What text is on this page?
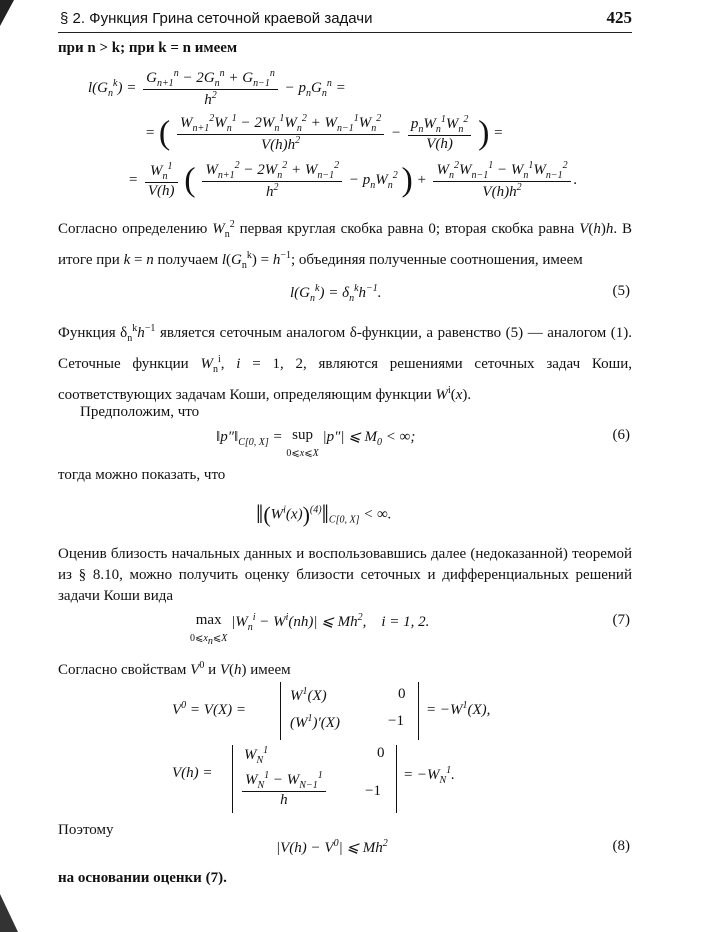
§ 2. Функция Грина сеточной краевой задачи	425
при n > k; при k = n имеем
$l(G_n^k) = \frac{G_{n+1}^n - 2G_n^n + G_{n-1}^n}{h^2} - p_nG_n^n$ =
= ( $\frac{W_{n+1}^2W_n^1 - 2W_n^1W_n^2 + W_{n-1}^1W_n^2}{V(h)h^2} - \frac{p_nW_n^1W_n^2}{V(h)}$ ) =
= $\frac{W_n^1}{V(h)}$ ( $\frac{W_{n+1}^2 - 2W_n^2 + W_{n-1}^2}{h^2} - p_nW_n^2$ ) + $\frac{W_n^2W_{n-1}^1 - W_n^1W_{n-1}^2}{V(h)h^2}$ .
Согласно определению $W_n^2$ первая круглая скобка равна 0; вторая скобка равна V(h)h. В итоге при k = n получаем $l(G_n^k) = h^{-1}$; объединяя полученные соотношения, имеем
$l(G_n^k) = \delta_n^kh^{-1}$.	(5)
Функция $\delta_n^kh^{-1}$ является сеточным аналогом δ-функции, а равенство (5) — аналогом (1). Сеточные функции $W_n^i$, i = 1, 2, являются решениями сеточных задач Коши, соответствующих задачам Коши, определяющим функции $W^i(x)$.
Предположим, что
$‖p''‖_{C[0, X]}$ = sup
0⩽x⩽X |p″| ⩽ $M_0$ < ∞;	(6)
тогда можно показать, что
$‖(W^i(x))^{(4)}‖_{C[0, X]}$ < ∞.
Оценив близость начальных данных и воспользовавшись далее (недоказанной) теоремой из § 8.10, можно получить оценку близости сеточных и дифференциальных решений задачи Коши вида
max
$0⩽x_n⩽X$ $|W_n^i - W^i(nh)|$ ⩽ Mh$^2$,    i = 1, 2.	(7)
Согласно свойствам $V^0$ и V(h) имеем
$V^0 = V(X)$ =
$W^1(X)$	0
$(W^1)'(X)$	−1
= $-W^1(X)$,
V(h) =
$W_N^1$	0
$\frac{W_N^1 - W_{N-1}^1}{h}$	−1
= $-W_N^1$.
Поэтому
$|V(h) - V^0|$ ⩽ Mh$^2$	(8)
на основании оценки (7).
